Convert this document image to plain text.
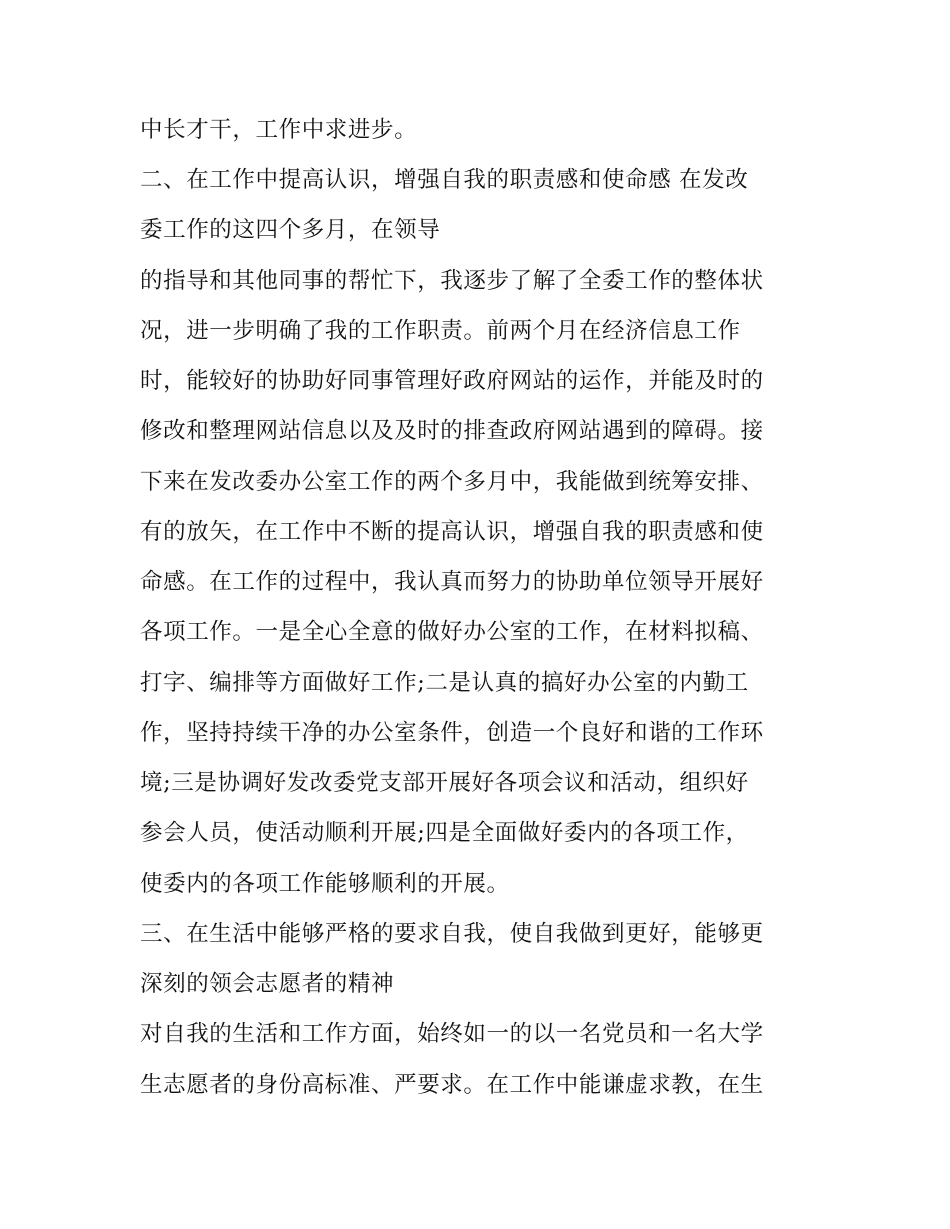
中长才干，工作中求进步。
二、在工作中提高认识，增强自我的职责感和使命感 在发改
委工作的这四个多月，在领导
的指导和其他同事的帮忙下，我逐步了解了全委工作的整体状
况，进一步明确了我的工作职责。前两个月在经济信息工作
时，能较好的协助好同事管理好政府网站的运作，并能及时的
修改和整理网站信息以及及时的排查政府网站遇到的障碍。接
下来在发改委办公室工作的两个多月中，我能做到统筹安排、
有的放矢，在工作中不断的提高认识，增强自我的职责感和使
命感。在工作的过程中，我认真而努力的协助单位领导开展好
各项工作。一是全心全意的做好办公室的工作，在材料拟稿、
打字、编排等方面做好工作;二是认真的搞好办公室的内勤工
作，坚持持续干净的办公室条件，创造一个良好和谐的工作环
境;三是协调好发改委党支部开展好各项会议和活动，组织好
参会人员，使活动顺利开展;四是全面做好委内的各项工作，
使委内的各项工作能够顺利的开展。
三、在生活中能够严格的要求自我，使自我做到更好，能够更
深刻的领会志愿者的精神
对自我的生活和工作方面，始终如一的以一名党员和一名大学
生志愿者的身份高标准、严要求。在工作中能谦虚求教，在生
